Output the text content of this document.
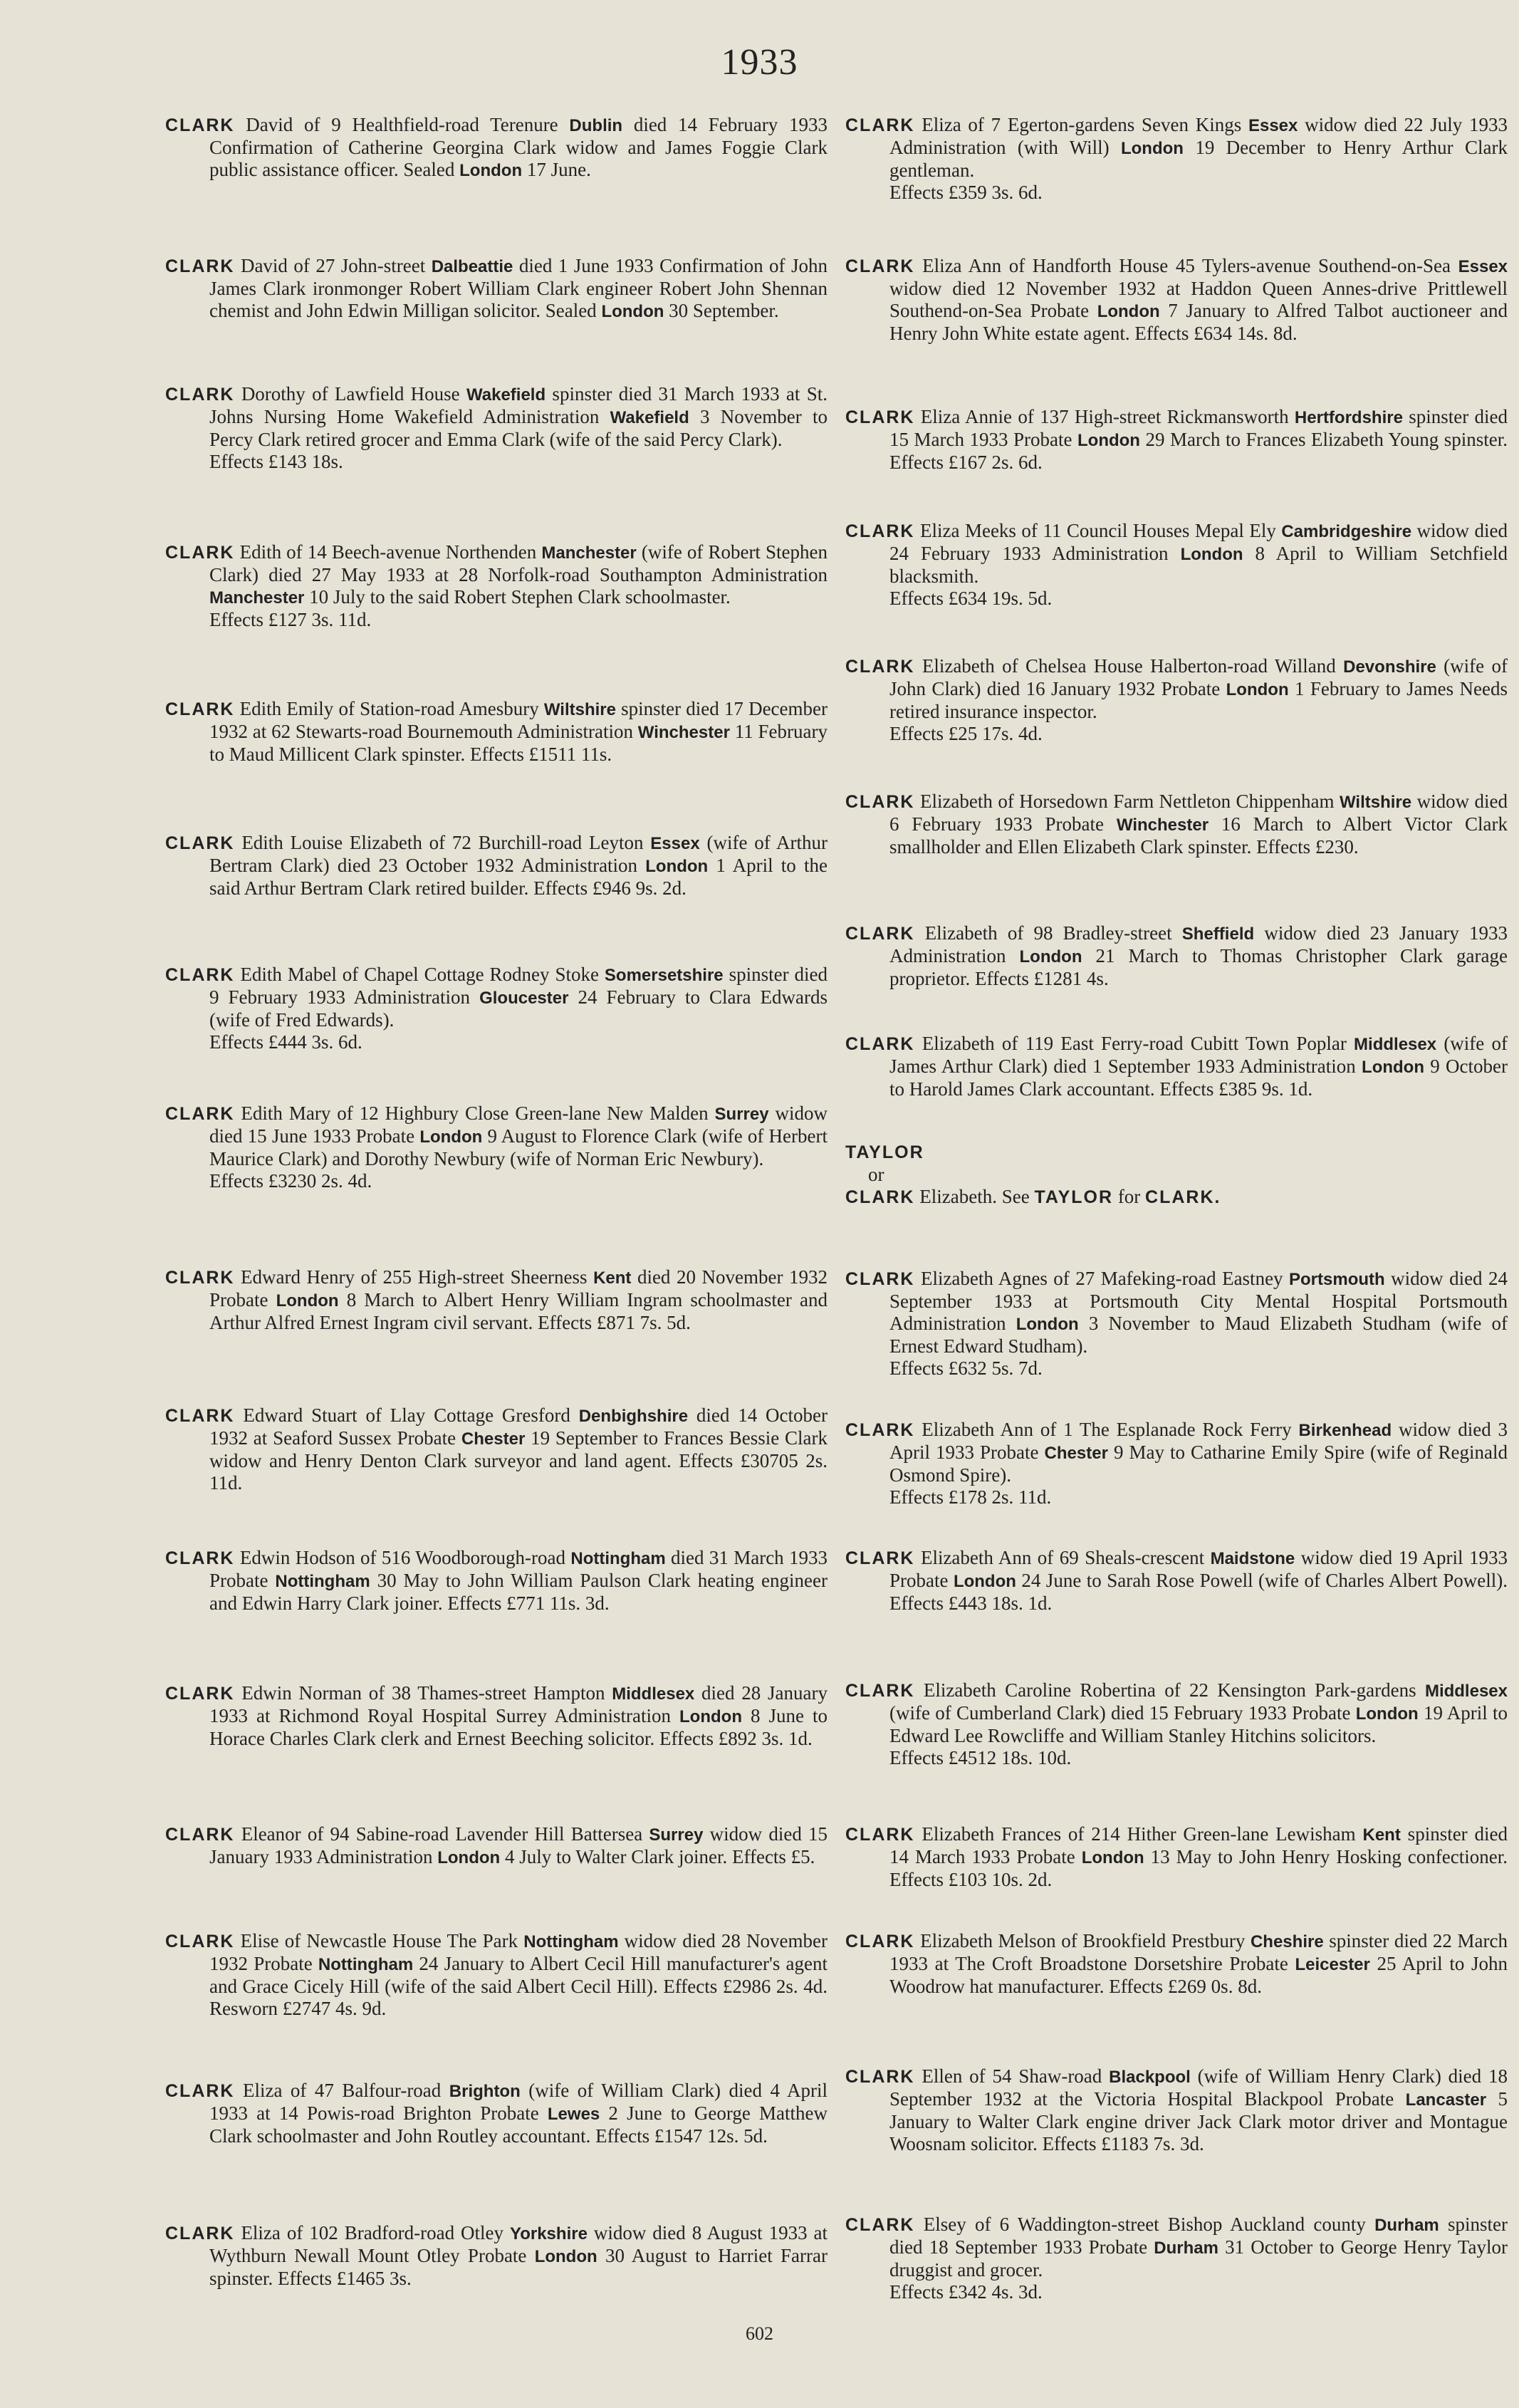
1933
CLARK David of 9 Healthfield-road Terenure Dublin died 14 February 1933 Confirmation of Catherine Georgina Clark widow and James Foggie Clark public assistance officer. Sealed London 17 June.
CLARK David of 27 John-street Dalbeattie died 1 June 1933 Confirmation of John James Clark ironmonger Robert William Clark engineer Robert John Shennan chemist and John Edwin Milligan solicitor. Sealed London 30 September.
CLARK Dorothy of Lawfield House Wakefield spinster died 31 March 1933 at St. Johns Nursing Home Wakefield Administration Wakefield 3 November to Percy Clark retired grocer and Emma Clark (wife of the said Percy Clark).
Effects £143 18s.
CLARK Edith of 14 Beech-avenue Northenden Manchester (wife of Robert Stephen Clark) died 27 May 1933 at 28 Norfolk-road Southampton Administration Manchester 10 July to the said Robert Stephen Clark schoolmaster.
Effects £127 3s. 11d.
CLARK Edith Emily of Station-road Amesbury Wiltshire spinster died 17 December 1932 at 62 Stewarts-road Bournemouth Administration Winchester 11 February to Maud Millicent Clark spinster. Effects £1511 11s.
CLARK Edith Louise Elizabeth of 72 Burchill-road Leyton Essex (wife of Arthur Bertram Clark) died 23 October 1932 Administration London 1 April to the said Arthur Bertram Clark retired builder. Effects £946 9s. 2d.
CLARK Edith Mabel of Chapel Cottage Rodney Stoke Somersetshire spinster died 9 February 1933 Administration Gloucester 24 February to Clara Edwards (wife of Fred Edwards).
Effects £444 3s. 6d.
CLARK Edith Mary of 12 Highbury Close Green-lane New Malden Surrey widow died 15 June 1933 Probate London 9 August to Florence Clark (wife of Herbert Maurice Clark) and Dorothy Newbury (wife of Norman Eric Newbury).
Effects £3230 2s. 4d.
CLARK Edward Henry of 255 High-street Sheerness Kent died 20 November 1932 Probate London 8 March to Albert Henry William Ingram schoolmaster and Arthur Alfred Ernest Ingram civil servant. Effects £871 7s. 5d.
CLARK Edward Stuart of Llay Cottage Gresford Denbighshire died 14 October 1932 at Seaford Sussex Probate Chester 19 September to Frances Bessie Clark widow and Henry Denton Clark surveyor and land agent. Effects £30705 2s. 11d.
CLARK Edwin Hodson of 516 Woodborough-road Nottingham died 31 March 1933 Probate Nottingham 30 May to John William Paulson Clark heating engineer and Edwin Harry Clark joiner. Effects £771 11s. 3d.
CLARK Edwin Norman of 38 Thames-street Hampton Middlesex died 28 January 1933 at Richmond Royal Hospital Surrey Administration London 8 June to Horace Charles Clark clerk and Ernest Beeching solicitor. Effects £892 3s. 1d.
CLARK Eleanor of 94 Sabine-road Lavender Hill Battersea Surrey widow died 15 January 1933 Administration London 4 July to Walter Clark joiner. Effects £5.
CLARK Elise of Newcastle House The Park Nottingham widow died 28 November 1932 Probate Nottingham 24 January to Albert Cecil Hill manufacturer's agent and Grace Cicely Hill (wife of the said Albert Cecil Hill). Effects £2986 2s. 4d. Resworn £2747 4s. 9d.
CLARK Eliza of 47 Balfour-road Brighton (wife of William Clark) died 4 April 1933 at 14 Powis-road Brighton Probate Lewes 2 June to George Matthew Clark schoolmaster and John Routley accountant. Effects £1547 12s. 5d.
CLARK Eliza of 102 Bradford-road Otley Yorkshire widow died 8 August 1933 at Wythburn Newall Mount Otley Probate London 30 August to Harriet Farrar spinster. Effects £1465 3s.
TAYLOR
or
CLARK Elizabeth. See TAYLOR for CLARK.
CLARK Eliza of 7 Egerton-gardens Seven Kings Essex widow died 22 July 1933 Administration (with Will) London 19 December to Henry Arthur Clark gentleman.
Effects £359 3s. 6d.
CLARK Eliza Ann of Handforth House 45 Tylers-avenue Southend-on-Sea Essex widow died 12 November 1932 at Haddon Queen Annes-drive Prittlewell Southend-on-Sea Probate London 7 January to Alfred Talbot auctioneer and Henry John White estate agent. Effects £634 14s. 8d.
CLARK Eliza Annie of 137 High-street Rickmansworth Hertfordshire spinster died 15 March 1933 Probate London 29 March to Frances Elizabeth Young spinster. Effects £167 2s. 6d.
CLARK Eliza Meeks of 11 Council Houses Mepal Ely Cambridgeshire widow died 24 February 1933 Administration London 8 April to William Setchfield blacksmith.
Effects £634 19s. 5d.
CLARK Elizabeth of Chelsea House Halberton-road Willand Devonshire (wife of John Clark) died 16 January 1932 Probate London 1 February to James Needs retired insurance inspector.
Effects £25 17s. 4d.
CLARK Elizabeth of Horsedown Farm Nettleton Chippenham Wiltshire widow died 6 February 1933 Probate Winchester 16 March to Albert Victor Clark smallholder and Ellen Elizabeth Clark spinster. Effects £230.
CLARK Elizabeth of 98 Bradley-street Sheffield widow died 23 January 1933 Administration London 21 March to Thomas Christopher Clark garage proprietor. Effects £1281 4s.
CLARK Elizabeth of 119 East Ferry-road Cubitt Town Poplar Middlesex (wife of James Arthur Clark) died 1 September 1933 Administration London 9 October to Harold James Clark accountant. Effects £385 9s. 1d.
CLARK Elizabeth Agnes of 27 Mafeking-road Eastney Portsmouth widow died 24 September 1933 at Portsmouth City Mental Hospital Portsmouth Administration London 3 November to Maud Elizabeth Studham (wife of Ernest Edward Studham).
Effects £632 5s. 7d.
CLARK Elizabeth Ann of 1 The Esplanade Rock Ferry Birkenhead widow died 3 April 1933 Probate Chester 9 May to Catharine Emily Spire (wife of Reginald Osmond Spire).
Effects £178 2s. 11d.
CLARK Elizabeth Ann of 69 Sheals-crescent Maidstone widow died 19 April 1933 Probate London 24 June to Sarah Rose Powell (wife of Charles Albert Powell). Effects £443 18s. 1d.
CLARK Elizabeth Caroline Robertina of 22 Kensington Park-gardens Middlesex (wife of Cumberland Clark) died 15 February 1933 Probate London 19 April to Edward Lee Rowcliffe and William Stanley Hitchins solicitors.
Effects £4512 18s. 10d.
CLARK Elizabeth Frances of 214 Hither Green-lane Lewisham Kent spinster died 14 March 1933 Probate London 13 May to John Henry Hosking confectioner. Effects £103 10s. 2d.
CLARK Elizabeth Melson of Brookfield Prestbury Cheshire spinster died 22 March 1933 at The Croft Broadstone Dorsetshire Probate Leicester 25 April to John Woodrow hat manufacturer. Effects £269 0s. 8d.
CLARK Ellen of 54 Shaw-road Blackpool (wife of William Henry Clark) died 18 September 1932 at the Victoria Hospital Blackpool Probate Lancaster 5 January to Walter Clark engine driver Jack Clark motor driver and Montague Woosnam solicitor. Effects £1183 7s. 3d.
CLARK Elsey of 6 Waddington-street Bishop Auckland county Durham spinster died 18 September 1933 Probate Durham 31 October to George Henry Taylor druggist and grocer.
Effects £342 4s. 3d.
602
